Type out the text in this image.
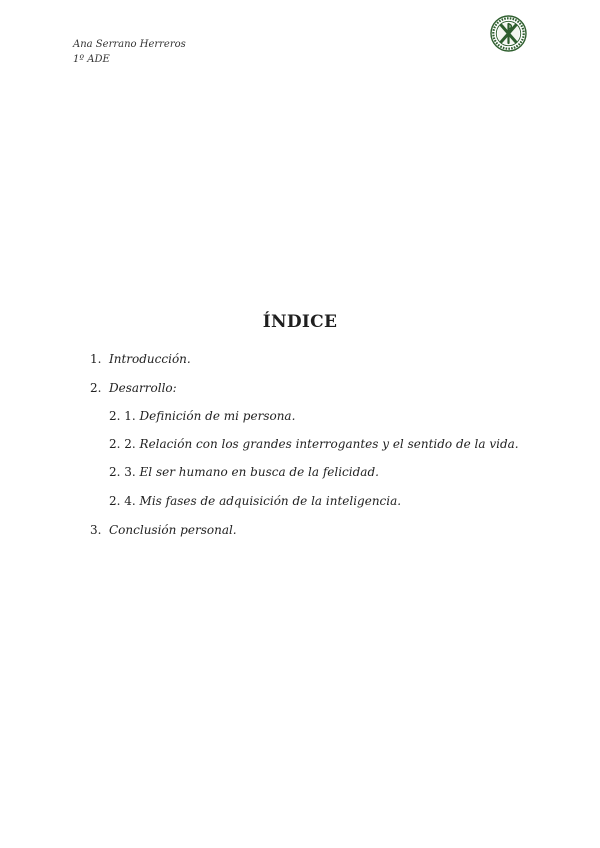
Ana Serrano Herreros
1º ADE
ÍNDICE
1. Introducción.
2. Desarrollo:
2. 1. Definición de mi persona.
2. 2. Relación con los grandes interrogantes y el sentido de la vida.
2. 3. El ser humano en busca de la felicidad.
2. 4. Mis fases de adquisición de la inteligencia.
3. Conclusión personal.
